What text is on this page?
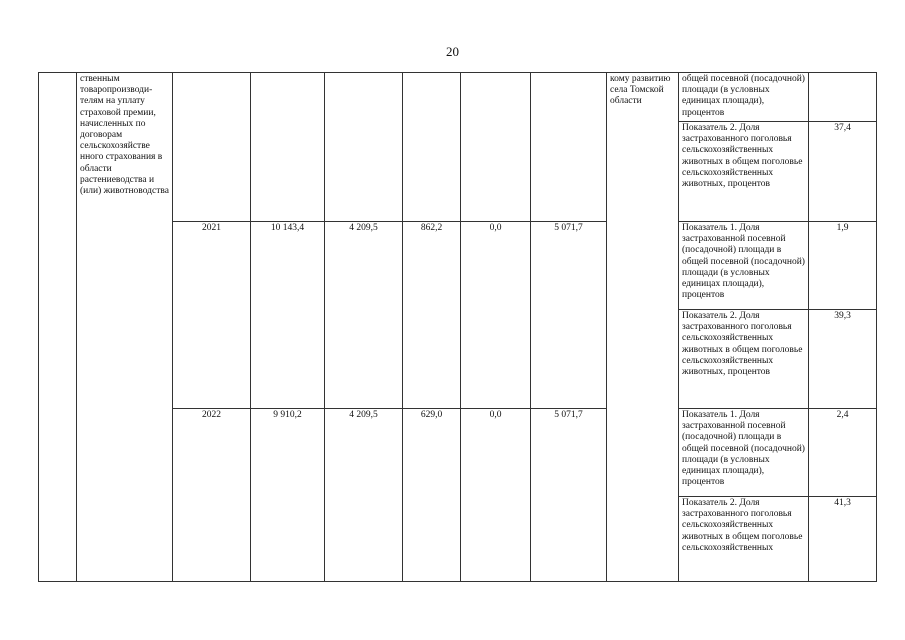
20
	ственным товаропроизводи-телям на уплату страховой премии, начисленных по договорам сельскохозяйстве нного страхования в области растениеводства и (или) животноводства							кому развитию села Томской области	общей посевной (посадочной) площади (в условных единицах площади), процентов	
									Показатель 2. Доля застрахованного поголовья сельскохозяйственных животных в общем поголовье сельскохозяйственных животных, процентов	37,4
		2021	10 143,4	4 209,5	862,2	0,0	5 071,7		Показатель 1. Доля застрахованной посевной (посадочной) площади в общей посевной (посадочной) площади (в условных единицах площади), процентов	1,9
									Показатель 2. Доля застрахованного поголовья сельскохозяйственных животных в общем поголовье сельскохозяйственных животных, процентов	39,3
		2022	9 910,2	4 209,5	629,0	0,0	5 071,7		Показатель 1. Доля застрахованной посевной (посадочной) площади в общей посевной (посадочной) площади (в условных единицах площади), процентов	2,4
									Показатель 2. Доля застрахованного поголовья сельскохозяйственных животных в общем поголовье сельскохозяйственных	41,3
